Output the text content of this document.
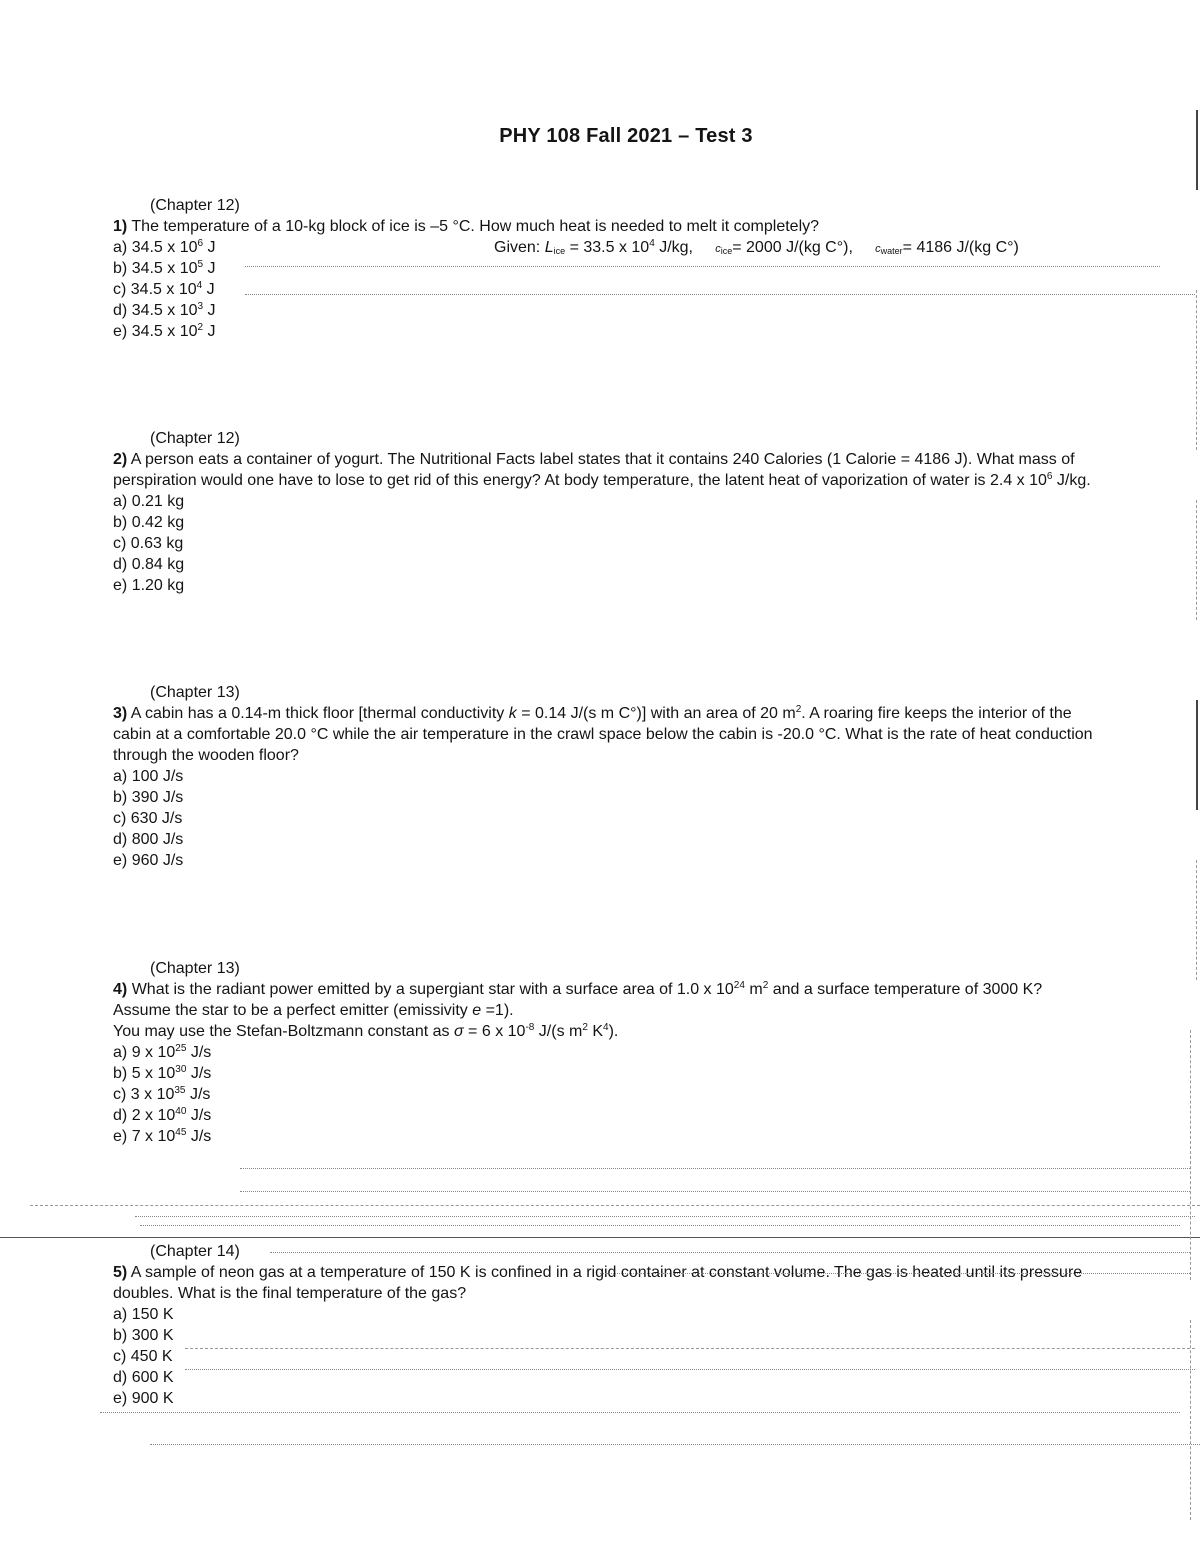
PHY 108 Fall 2021 – Test 3
(Chapter 12)
1) The temperature of a 10-kg block of ice is –5 °C. How much heat is needed to melt it completely?
Given: $L_{ice} = 33.5$ x $10^4$ J/kg, $c_{ice}= 2000$ J/(kg C°), $c_{water}= 4186$ J/(kg C°)
a) 34.5 x $10^6$ J
b) 34.5 x $10^5$ J
c) 34.5 x $10^4$ J
d) 34.5 x $10^3$ J
e) 34.5 x $10^2$ J
(Chapter 12)
2) A person eats a container of yogurt. The Nutritional Facts label states that it contains 240 Calories (1 Calorie = 4186 J). What mass of perspiration would one have to lose to get rid of this energy? At body temperature, the latent heat of vaporization of water is 2.4 x $10^6$ J/kg.
a) 0.21 kg
b) 0.42 kg
c) 0.63 kg
d) 0.84 kg
e) 1.20 kg
(Chapter 13)
3) A cabin has a 0.14-m thick floor [thermal conductivity k = 0.14 J/(s m C°)] with an area of 20 $m^2$. A roaring fire keeps the interior of the cabin at a comfortable 20.0 °C while the air temperature in the crawl space below the cabin is -20.0 °C. What is the rate of heat conduction through the wooden floor?
a) 100 J/s
b) 390 J/s
c) 630 J/s
d) 800 J/s
e) 960 J/s
(Chapter 13)
4) What is the radiant power emitted by a supergiant star with a surface area of 1.0 x $10^{24}$ $m^2$ and a surface temperature of 3000 K? Assume the star to be a perfect emitter (emissivity e =1).
You may use the Stefan-Boltzmann constant as σ = 6 x $10^{-8}$ J/(s $m^2$ $K^4$).
a) 9 x $10^{25}$ J/s
b) 5 x $10^{30}$ J/s
c) 3 x $10^{35}$ J/s
d) 2 x $10^{40}$ J/s
e) 7 x $10^{45}$ J/s
(Chapter 14)
5) A sample of neon gas at a temperature of 150 K is confined in a rigid container at constant volume. The gas is heated until its pressure doubles. What is the final temperature of the gas?
a) 150 K
b) 300 K
c) 450 K
d) 600 K
e) 900 K
